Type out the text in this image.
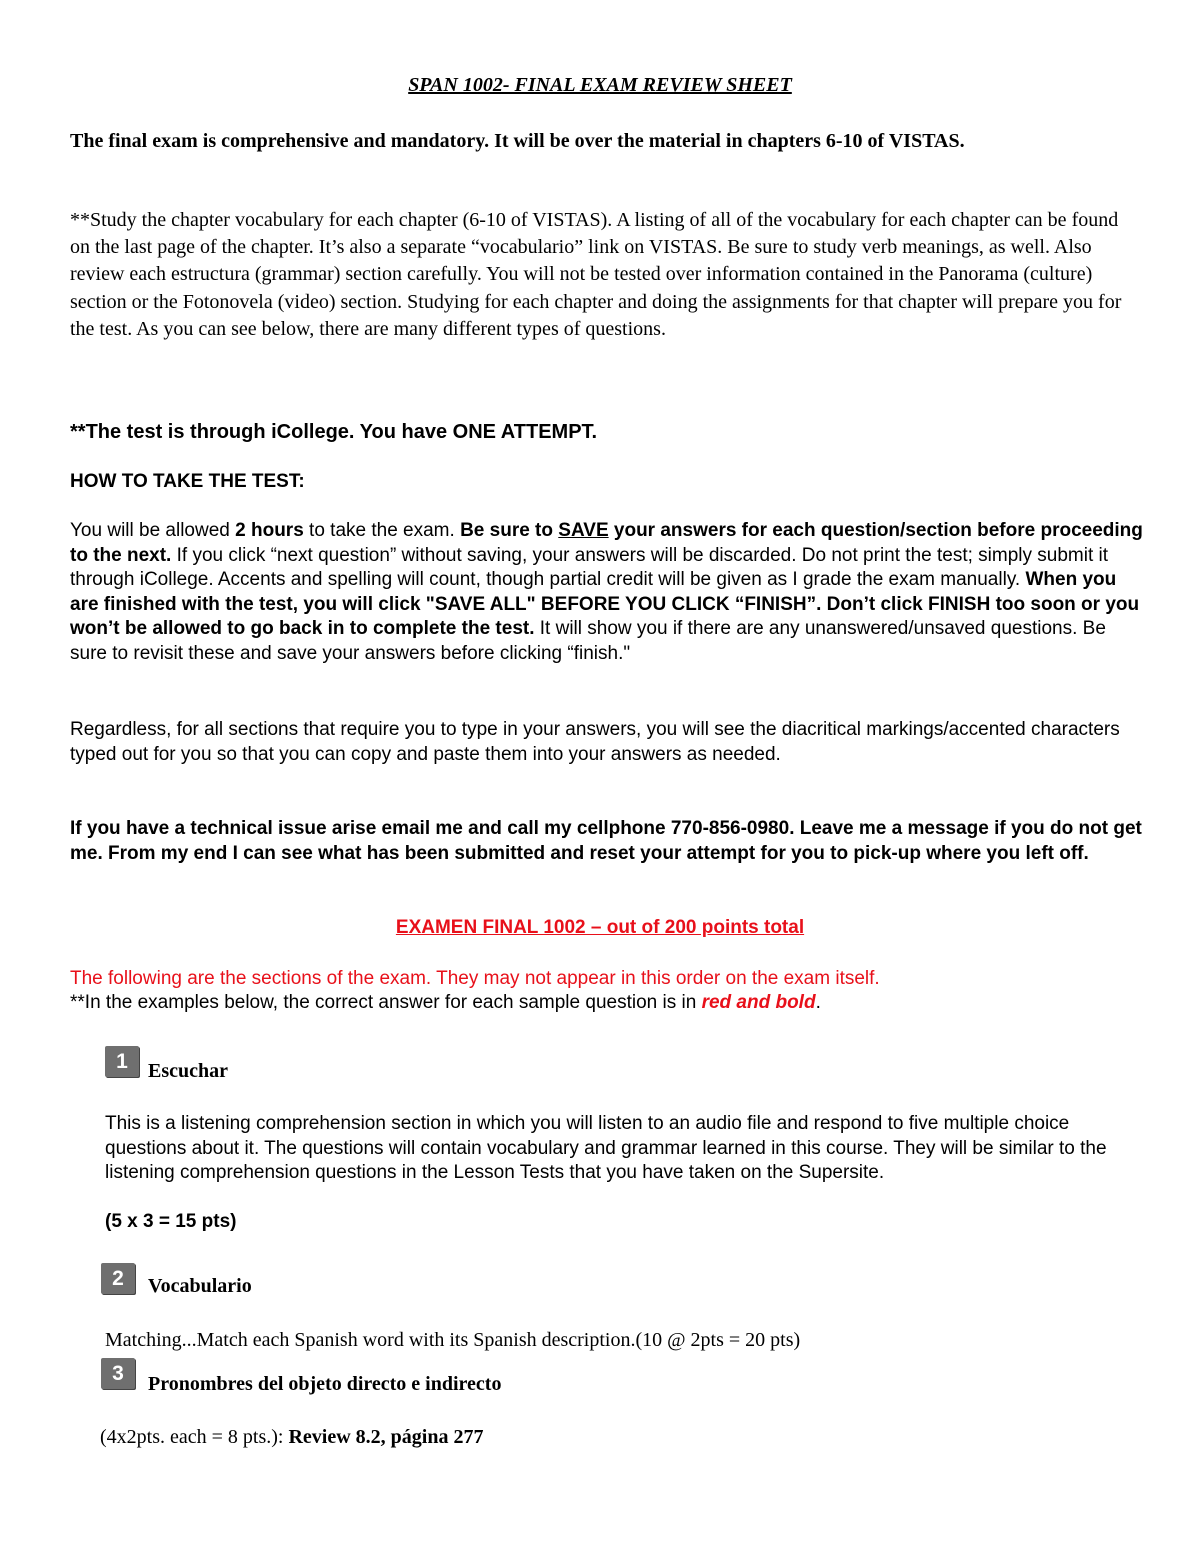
SPAN 1002- FINAL EXAM REVIEW SHEET

The final exam is comprehensive and mandatory. It will be over the material in chapters 6-10 of VISTAS.

**Study the chapter vocabulary for each chapter (6-10 of VISTAS). A listing of all of the vocabulary for each chapter can be found on the last page of the chapter. It’s also a separate “vocabulario” link on VISTAS. Be sure to study verb meanings, as well. Also review each estructura (grammar) section carefully. You will not be tested over information contained in the Panorama (culture) section or the Fotonovela (video) section. Studying for each chapter and doing the assignments for that chapter will prepare you for the test. As you can see below, there are many different types of questions.

**The test is through iCollege. You have ONE ATTEMPT.

HOW TO TAKE THE TEST:

You will be allowed 2 hours to take the exam. Be sure to SAVE your answers for each question/section before proceeding to the next. If you click “next question” without saving, your answers will be discarded. Do not print the test; simply submit it through iCollege. Accents and spelling will count, though partial credit will be given as I grade the exam manually. When you are finished with the test, you will click "SAVE ALL" BEFORE YOU CLICK “FINISH”. Don’t click FINISH too soon or you won’t be allowed to go back in to complete the test. It will show you if there are any unanswered/unsaved questions. Be sure to revisit these and save your answers before clicking “finish."

Regardless, for all sections that require you to type in your answers, you will see the diacritical markings/accented characters typed out for you so that you can copy and paste them into your answers as needed.

If you have a technical issue arise email me and call my cellphone 770-856-0980. Leave me a message if you do not get me. From my end I can see what has been submitted and reset your attempt for you to pick-up where you left off.

EXAMEN FINAL 1002 – out of 200 points total

The following are the sections of the exam. They may not appear in this order on the exam itself.

**In the examples below, the correct answer for each sample question is in red and bold.

1	Escuchar

This is a listening comprehension section in which you will listen to an audio file and respond to five multiple choice questions about it. The questions will contain vocabulary and grammar learned in this course. They will be similar to the listening comprehension questions in the Lesson Tests that you have taken on the Supersite.

(5 x 3 = 15 pts)

2	Vocabulario

Matching...Match each Spanish word with its Spanish description.(10 @ 2pts = 20 pts)

3	Pronombres del objeto directo e indirecto

(4x2pts. each = 8 pts.): Review 8.2, página 277
